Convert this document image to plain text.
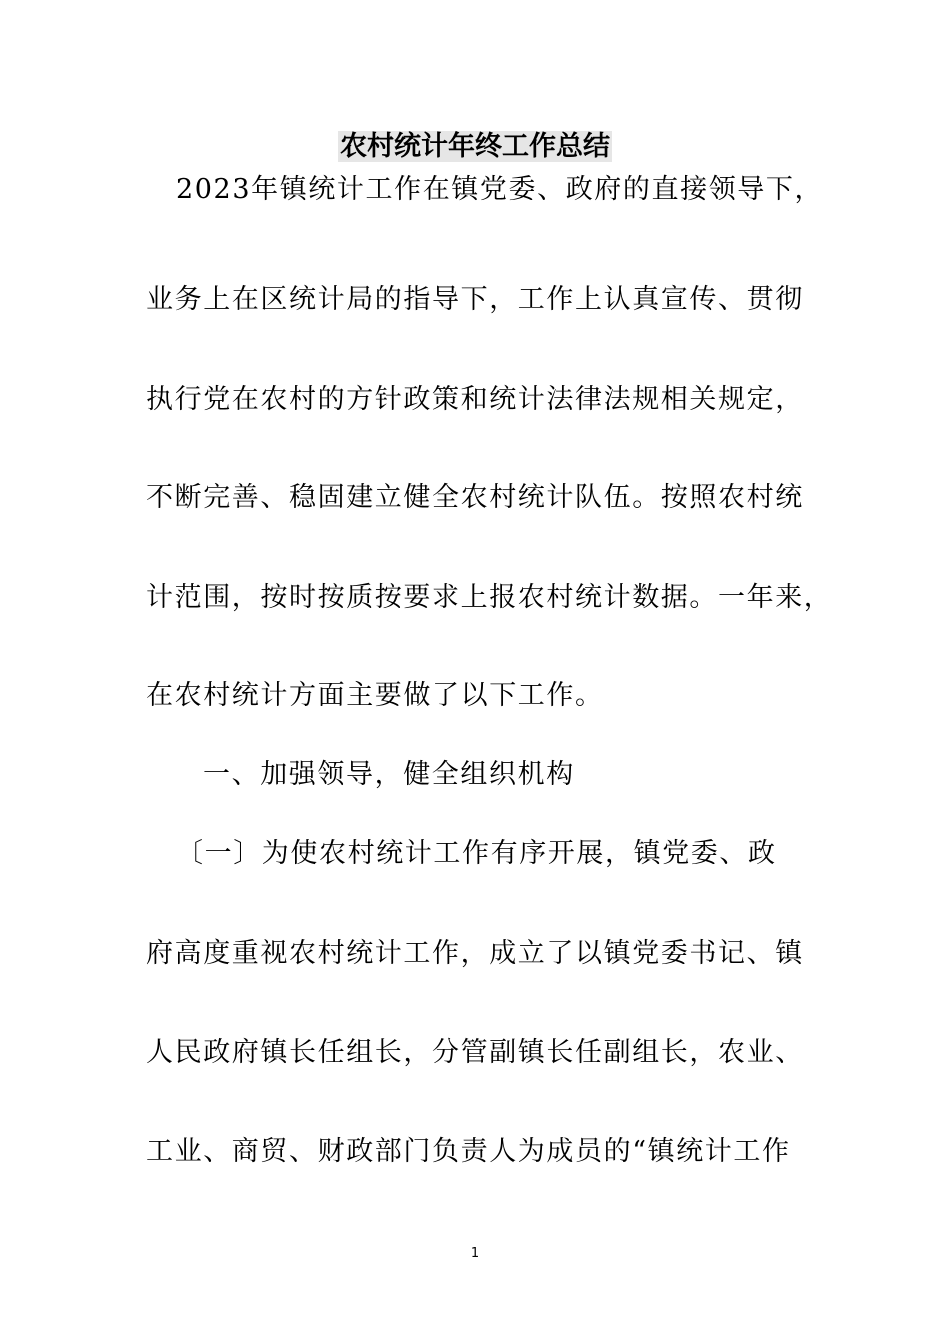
农村统计年终工作总结
2023年镇统计工作在镇党委、政府的直接领导下，
业务上在区统计局的指导下，工作上认真宣传、贯彻
执行党在农村的方针政策和统计法律法规相关规定，
不断完善、稳固建立健全农村统计队伍。按照农村统
计范围，按时按质按要求上报农村统计数据。一年来，
在农村统计方面主要做了以下工作。
一、加强领导，健全组织机构
〔一〕为使农村统计工作有序开展，镇党委、政
府高度重视农村统计工作，成立了以镇党委书记、镇
人民政府镇长任组长，分管副镇长任副组长，农业、
工业、商贸、财政部门负责人为成员的“镇统计工作
1
